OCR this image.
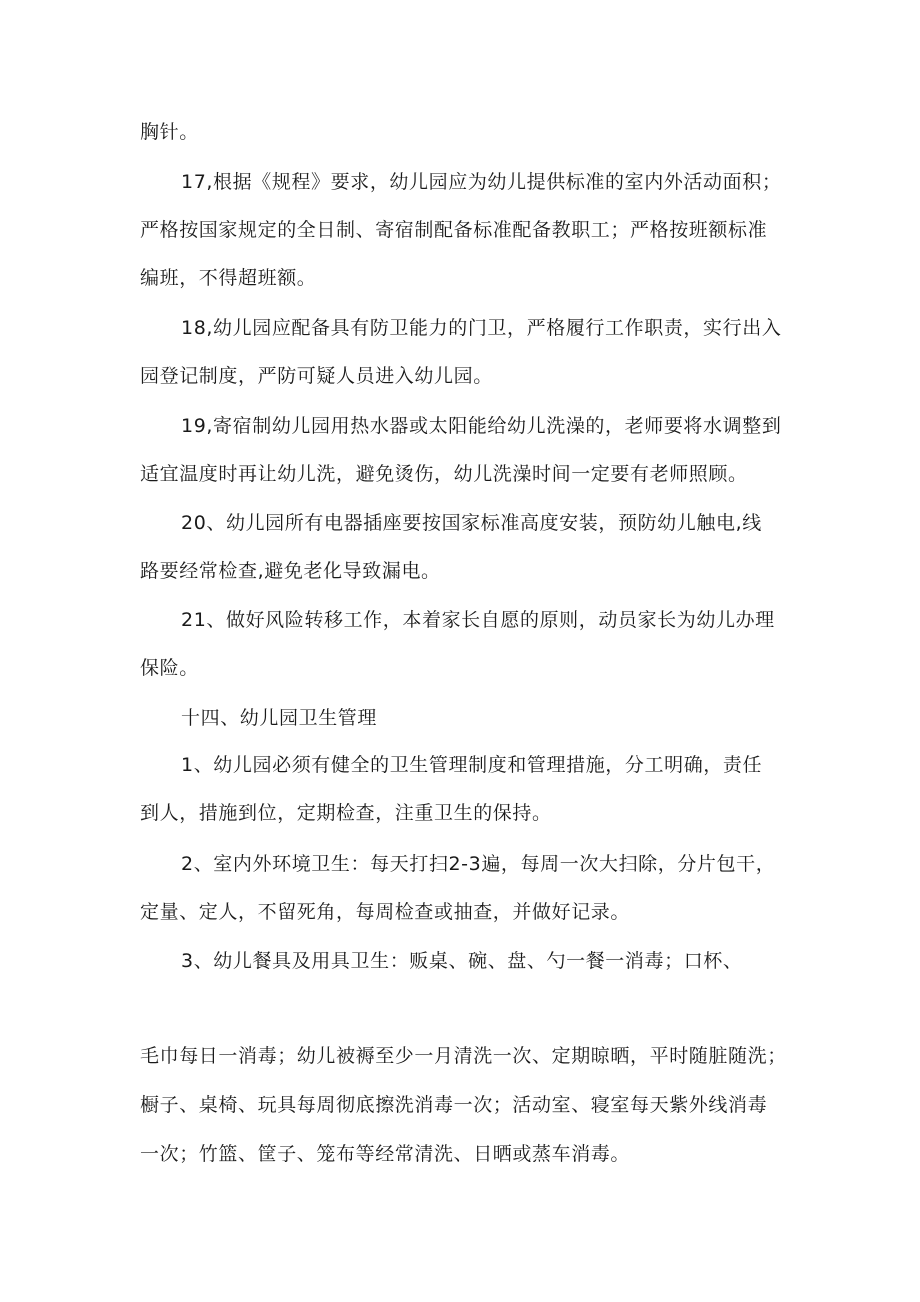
胸针。
17,根据《规程》要求，幼儿园应为幼儿提供标准的室内外活动面积；
严格按国家规定的全日制、寄宿制配备标准配备教职工；严格按班额标准
编班，不得超班额。
18,幼儿园应配备具有防卫能力的门卫，严格履行工作职责，实行出入
园登记制度，严防可疑人员进入幼儿园。
19,寄宿制幼儿园用热水器或太阳能给幼儿洗澡的，老师要将水调整到
适宜温度时再让幼儿洗，避免烫伤，幼儿洗澡时间一定要有老师照顾。
20、幼儿园所有电器插座要按国家标准高度安装，预防幼儿触电,线
路要经常检查,避免老化导致漏电。
21、做好风险转移工作，本着家长自愿的原则，动员家长为幼儿办理
保险。
十四、幼儿园卫生管理
1、幼儿园必须有健全的卫生管理制度和管理措施，分工明确，责任
到人，措施到位，定期检查，注重卫生的保持。
2、室内外环境卫生：每天打扫2-3遍，每周一次大扫除，分片包干，
定量、定人，不留死角，每周检查或抽查，并做好记录。
3、幼儿餐具及用具卫生：贩桌、碗、盘、勺一餐一消毒；口杯、
毛巾每日一消毒；幼儿被褥至少一月清洗一次、定期晾晒，平时随脏随洗；
橱子、桌椅、玩具每周彻底擦洗消毒一次；活动室、寝室每天紫外线消毒
一次；竹篮、筐子、笼布等经常清洗、日晒或蒸车消毒。
